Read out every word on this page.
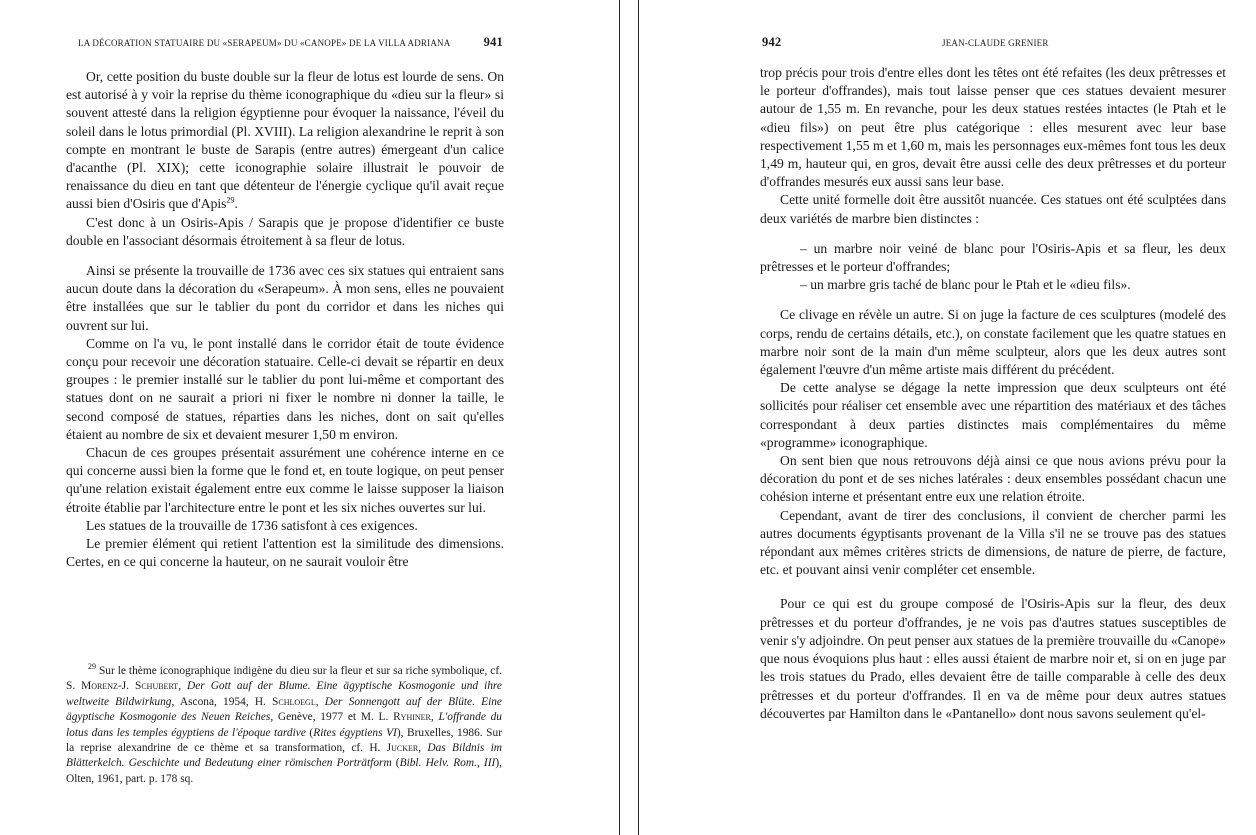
LA DÉCORATION STATUAIRE DU «SERAPEUM» DU «CANOPE» DE LA VILLA ADRIANA	941

Or, cette position du buste double sur la fleur de lotus est lourde de sens. On est autorisé à y voir la reprise du thème iconographique du «dieu sur la fleur» si souvent attesté dans la religion égyptienne pour évoquer la naissance, l'éveil du soleil dans le lotus primordial (Pl. XVIII). La religion alexandrine le reprit à son compte en montrant le buste de Sarapis (entre autres) émergeant d'un calice d'acanthe (Pl. XIX); cette iconographie solaire illustrait le pouvoir de renaissance du dieu en tant que détenteur de l'énergie cyclique qu'il avait reçue aussi bien d'Osiris que d'Apis$^{29}$.

C'est donc à un Osiris-Apis / Sarapis que je propose d'identifier ce buste double en l'associant désormais étroitement à sa fleur de lotus.

Ainsi se présente la trouvaille de 1736 avec ces six statues qui entraient sans aucun doute dans la décoration du «Serapeum». À mon sens, elles ne pouvaient être installées que sur le tablier du pont du corridor et dans les niches qui ouvrent sur lui.

Comme on l'a vu, le pont installé dans le corridor était de toute évidence conçu pour recevoir une décoration statuaire. Celle-ci devait se répartir en deux groupes : le premier installé sur le tablier du pont lui-même et comportant des statues dont on ne saurait a priori ni fixer le nombre ni donner la taille, le second composé de statues, réparties dans les niches, dont on sait qu'elles étaient au nombre de six et devaient mesurer 1,50 m environ.

Chacun de ces groupes présentait assurément une cohérence interne en ce qui concerne aussi bien la forme que le fond et, en toute logique, on peut penser qu'une relation existait également entre eux comme le laisse supposer la liaison étroite établie par l'architecture entre le pont et les six niches ouvertes sur lui.

Les statues de la trouvaille de 1736 satisfont à ces exigences.

Le premier élément qui retient l'attention est la similitude des dimensions. Certes, en ce qui concerne la hauteur, on ne saurait vouloir être

$^{29}$ Sur le thème iconographique indigène du dieu sur la fleur et sur sa riche symbolique, cf. S. Morenz-J. Schubert, Der Gott auf der Blume. Eine ägyptische Kosmogonie und ihre weltweite Bildwirkung, Ascona, 1954, H. Schloegl, Der Sonnengott auf der Blüte. Eine ägyptische Kosmogonie des Neuen Reiches, Genève, 1977 et M. L. Ryhiner, L'offrande du lotus dans les temples égyptiens de l'époque tardive (Rites égyptiens VI), Bruxelles, 1986. Sur la reprise alexandrine de ce thème et sa transformation, cf. H. Jucker, Das Bildnis im Blätterkelch. Geschichte und Bedeutung einer römischen Porträtform (Bibl. Helv. Rom., III), Olten, 1961, part. p. 178 sq.

942	JEAN-CLAUDE GRENIER

trop précis pour trois d'entre elles dont les têtes ont été refaites (les deux prêtresses et le porteur d'offrandes), mais tout laisse penser que ces statues devaient mesurer autour de 1,55 m. En revanche, pour les deux statues restées intactes (le Ptah et le «dieu fils») on peut être plus catégorique : elles mesurent avec leur base respectivement 1,55 m et 1,60 m, mais les personnages eux-mêmes font tous les deux 1,49 m, hauteur qui, en gros, devait être aussi celle des deux prêtresses et du porteur d'offrandes mesurés eux aussi sans leur base.

Cette unité formelle doit être aussitôt nuancée. Ces statues ont été sculptées dans deux variétés de marbre bien distinctes :

– un marbre noir veiné de blanc pour l'Osiris-Apis et sa fleur, les deux prêtresses et le porteur d'offrandes;

– un marbre gris taché de blanc pour le Ptah et le «dieu fils».

Ce clivage en révèle un autre. Si on juge la facture de ces sculptures (modelé des corps, rendu de certains détails, etc.), on constate facilement que les quatre statues en marbre noir sont de la main d'un même sculpteur, alors que les deux autres sont également l'œuvre d'un même artiste mais différent du précédent.

De cette analyse se dégage la nette impression que deux sculpteurs ont été sollicités pour réaliser cet ensemble avec une répartition des matériaux et des tâches correspondant à deux parties distinctes mais complémentaires du même «programme» iconographique.

On sent bien que nous retrouvons déjà ainsi ce que nous avions prévu pour la décoration du pont et de ses niches latérales : deux ensembles possédant chacun une cohésion interne et présentant entre eux une relation étroite.

Cependant, avant de tirer des conclusions, il convient de chercher parmi les autres documents égyptisants provenant de la Villa s'il ne se trouve pas des statues répondant aux mêmes critères stricts de dimensions, de nature de pierre, de facture, etc. et pouvant ainsi venir compléter cet ensemble.

Pour ce qui est du groupe composé de l'Osiris-Apis sur la fleur, des deux prêtresses et du porteur d'offrandes, je ne vois pas d'autres statues susceptibles de venir s'y adjoindre. On peut penser aux statues de la première trouvaille du «Canope» que nous évoquions plus haut : elles aussi étaient de marbre noir et, si on en juge par les trois statues du Prado, elles devaient être de taille comparable à celle des deux prêtresses et du porteur d'offrandes. Il en va de même pour deux autres statues découvertes par Hamilton dans le «Pantanello» dont nous savons seulement qu'el-
